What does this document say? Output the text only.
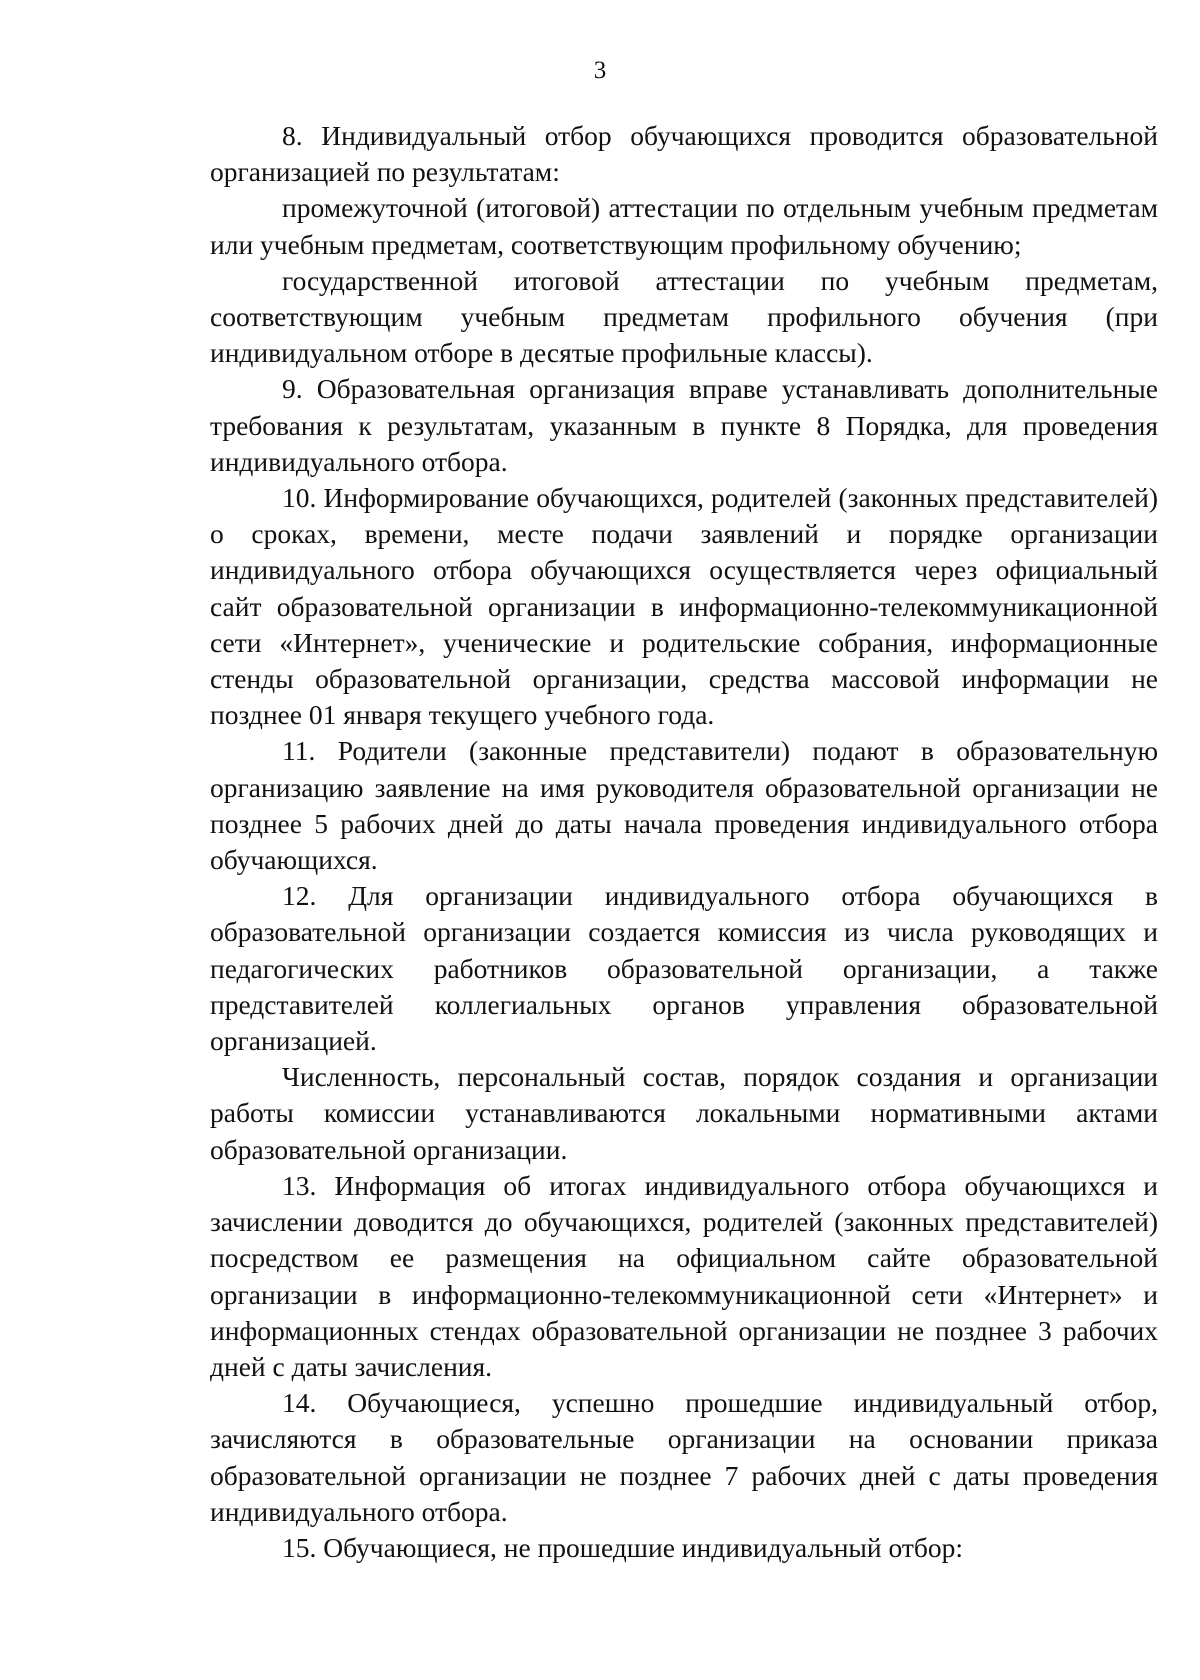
3

8. Индивидуальный отбор обучающихся проводится образовательной организацией по результатам:

промежуточной (итоговой) аттестации по отдельным учебным предметам или учебным предметам, соответствующим профильному обучению;

государственной итоговой аттестации по учебным предметам, соответствующим учебным предметам профильного обучения (при индивидуальном отборе в десятые профильные классы).

9. Образовательная организация вправе устанавливать дополнительные требования к результатам, указанным в пункте 8 Порядка, для проведения индивидуального отбора.

10. Информирование обучающихся, родителей (законных представителей) о сроках, времени, месте подачи заявлений и порядке организации индивидуального отбора обучающихся осуществляется через официальный сайт образовательной организации в информационно-телекоммуникационной сети «Интернет», ученические и родительские собрания, информационные стенды образовательной организации, средства массовой информации не позднее 01 января текущего учебного года.

11. Родители (законные представители) подают в образовательную организацию заявление на имя руководителя образовательной организации не позднее 5 рабочих дней до даты начала проведения индивидуального отбора обучающихся.

12. Для организации индивидуального отбора обучающихся в образовательной организации создается комиссия из числа руководящих и педагогических работников образовательной организации, а также представителей коллегиальных органов управления образовательной организацией.

Численность, персональный состав, порядок создания и организации работы комиссии устанавливаются локальными нормативными актами образовательной организации.

13. Информация об итогах индивидуального отбора обучающихся и зачислении доводится до обучающихся, родителей (законных представителей) посредством ее размещения на официальном сайте образовательной организации в информационно-телекоммуникационной сети «Интернет» и информационных стендах образовательной организации не позднее 3 рабочих дней с даты зачисления.

14. Обучающиеся, успешно прошедшие индивидуальный отбор, зачисляются в образовательные организации на основании приказа образовательной организации не позднее 7 рабочих дней с даты проведения индивидуального отбора.

15. Обучающиеся, не прошедшие индивидуальный отбор:
